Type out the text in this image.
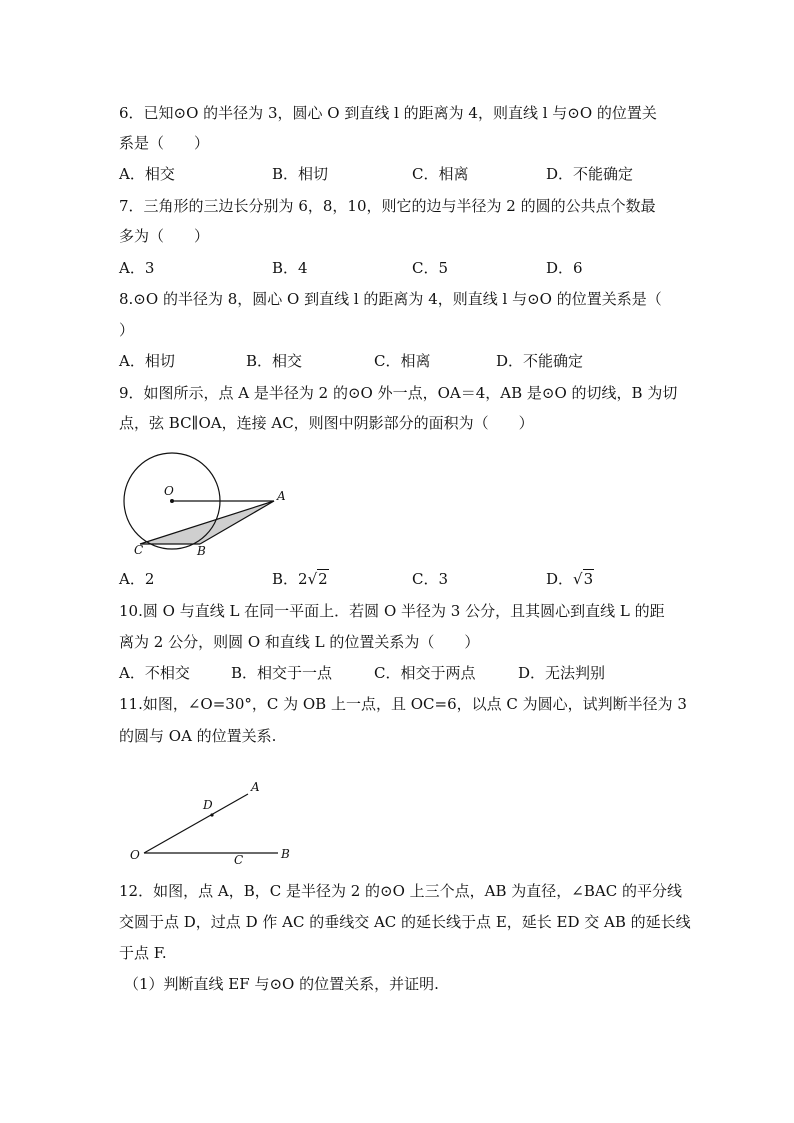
6．已知⊙O 的半径为 3，圆心 O 到直线 l 的距离为 4，则直线 l 与⊙O 的位置关
系是（　　）
A．相交	B．相切	C．相离	D．不能确定
7．三角形的三边长分别为 6，8，10，则它的边与半径为 2 的圆的公共点个数最
多为（　　）
A．3	B．4	C．5	D．6
8.⊙O 的半径为 8，圆心 O 到直线 l 的距离为 4，则直线 l 与⊙O 的位置关系是（
）
A．相切	B．相交	C．相离	D．不能确定
9．如图所示，点 A 是半径为 2 的⊙O 外一点，OA＝4，AB 是⊙O 的切线，B 为切
点，弦 BC∥OA，连接 AC，则图中阴影部分的面积为（　　）
O	A
C	B
A．2	B．2√2	C．3	D．√3
10.圆 O 与直线 L 在同一平面上．若圆 O 半径为 3 公分，且其圆心到直线 L 的距
离为 2 公分，则圆 O 和直线 L 的位置关系为（　　）
A．不相交	B．相交于一点	C．相交于两点	D．无法判别
11.如图，∠O=30°，C 为 OB 上一点，且 OC=6，以点 C 为圆心，试判断半径为 3
的圆与 OA 的位置关系.
O
A
D
C	B
12．如图，点 A，B，C 是半径为 2 的⊙O 上三个点，AB 为直径，∠BAC 的平分线
交圆于点 D，过点 D 作 AC 的垂线交 AC 的延长线于点 E，延长 ED 交 AB 的延长线
于点 F.
（1）判断直线 EF 与⊙O 的位置关系，并证明.
